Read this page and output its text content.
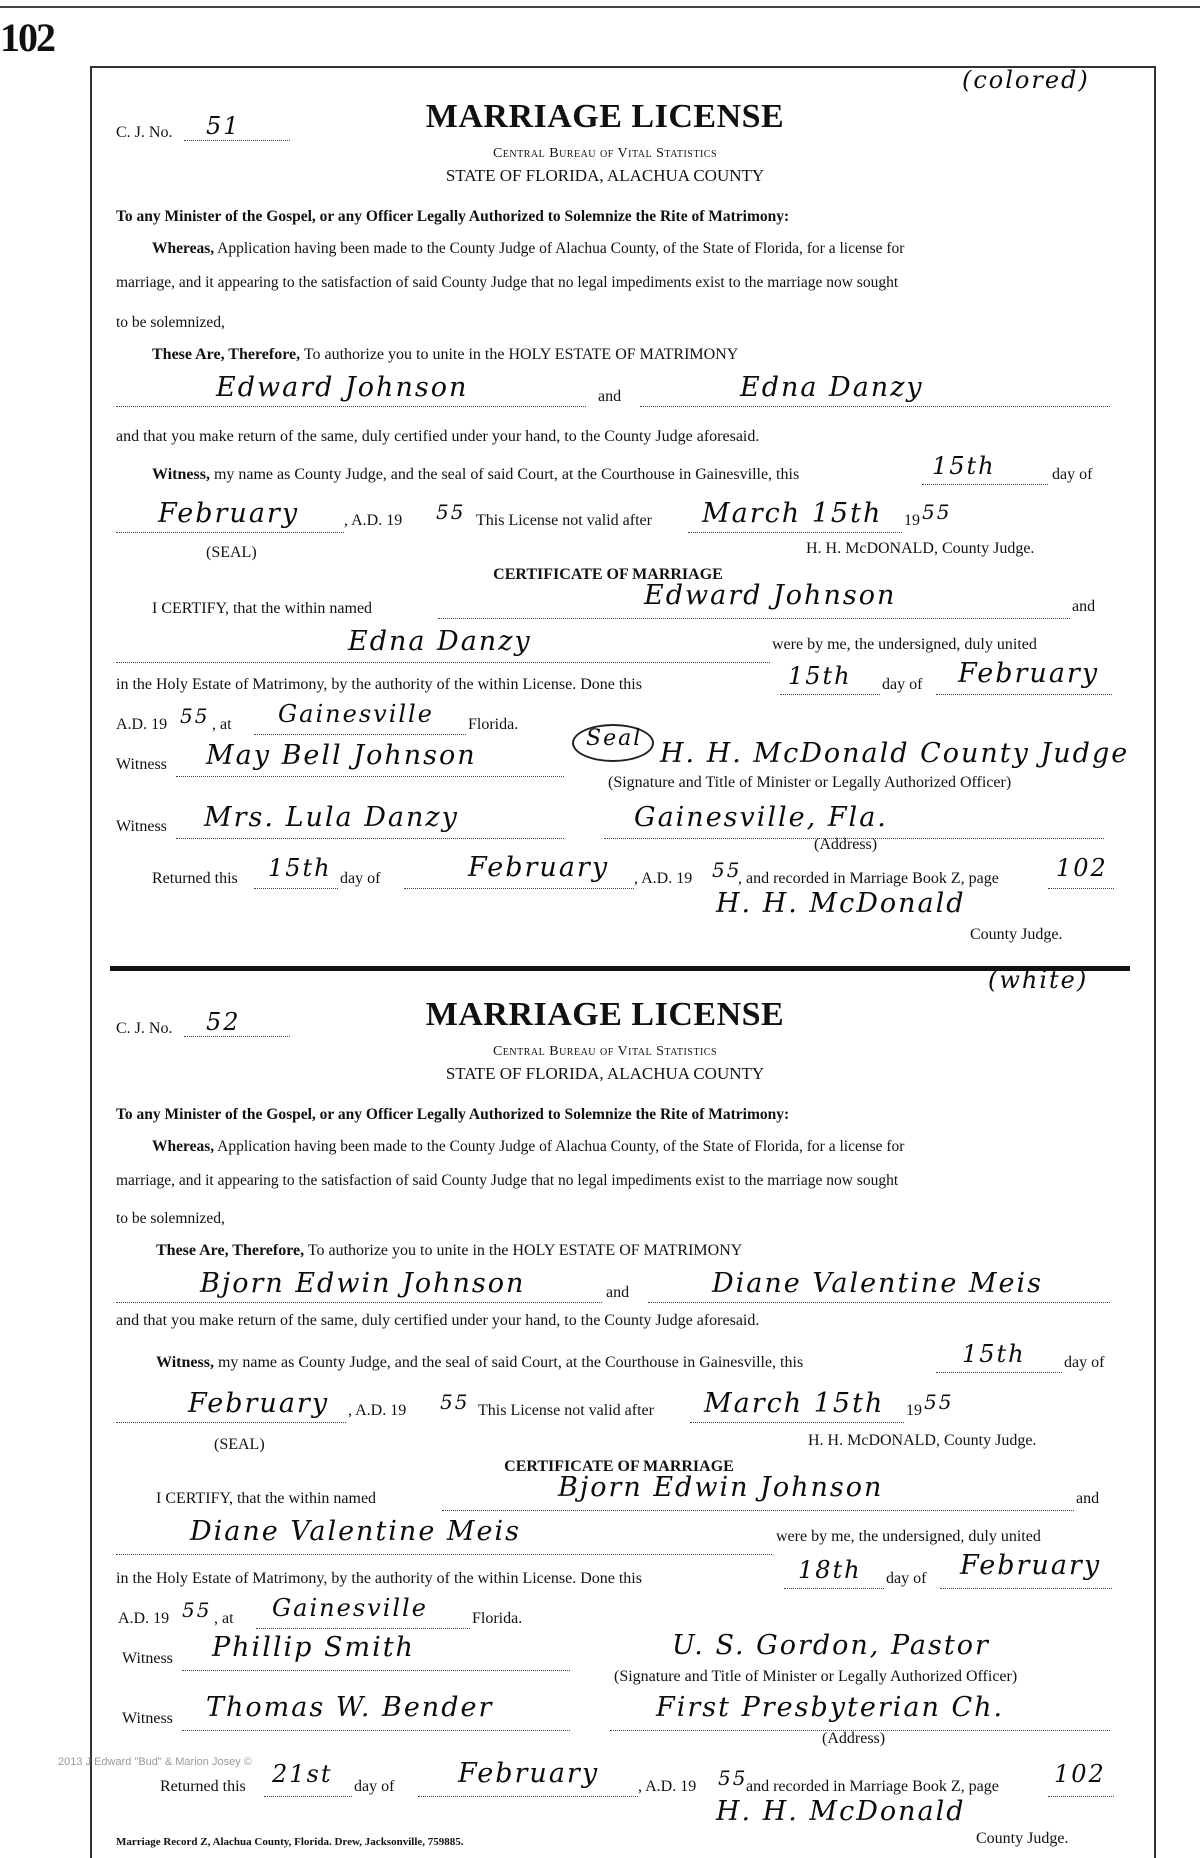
102
(colored)
C. J. No. 51	MARRIAGE LICENSE
Central Bureau of Vital Statistics
STATE OF FLORIDA, ALACHUA COUNTY
To any Minister of the Gospel, or any Officer Legally Authorized to Solemnize the Rite of Matrimony:
Whereas, Application having been made to the County Judge of Alachua County, of the State of Florida, for a license for
marriage, and it appearing to the satisfaction of said County Judge that no legal impediments exist to the marriage now sought
to be solemnized,
These Are, Therefore, To authorize you to unite in the HOLY ESTATE OF MATRIMONY
Edward Johnson	and	Edna Danzy
and that you make return of the same, duly certified under your hand, to the County Judge aforesaid.
Witness, my name as County Judge, and the seal of said Court, at the Courthouse in Gainesville, this	15th	day of
February	, A.D. 19 55 This License not valid after March 15th 19 55
(SEAL)	H. H. McDONALD, County Judge.
CERTIFICATE OF MARRIAGE
I CERTIFY, that the within named	Edward Johnson	and
Edna Danzy	were by me, the undersigned, duly united
in the Holy Estate of Matrimony, by the authority of the within License. Done this	15th day of February
A.D. 19 55 , at Gainesville Florida.
Witness May Bell Johnson
Seal H. H. McDonald County Judge
(Signature and Title of Minister or Legally Authorized Officer)
Witness Mrs. Lula Danzy	Gainesville, Fla.
(Address)
Returned this 15th day of	February , A.D. 19 55
, and recorded in Marriage Book Z, page 102
H. H. McDonald
County Judge.
(white)
C. J. No. 52	MARRIAGE LICENSE
Central Bureau of Vital Statistics
STATE OF FLORIDA, ALACHUA COUNTY
To any Minister of the Gospel, or any Officer Legally Authorized to Solemnize the Rite of Matrimony:
Whereas, Application having been made to the County Judge of Alachua County, of the State of Florida, for a license for
marriage, and it appearing to the satisfaction of said County Judge that no legal impediments exist to the marriage now sought
to be solemnized,
These Are, Therefore, To authorize you to unite in the HOLY ESTATE OF MATRIMONY
Bjorn Edwin Johnson	and	Diane Valentine Meis
and that you make return of the same, duly certified under your hand, to the County Judge aforesaid.
Witness, my name as County Judge, and the seal of said Court, at the Courthouse in Gainesville, this	15th day of
February , A.D. 19 55 This License not valid after March 15th 19 55
(SEAL)	H. H. McDONALD, County Judge.
CERTIFICATE OF MARRIAGE
I CERTIFY, that the within named	Bjorn Edwin Johnson	and
Diane Valentine Meis	were by me, the undersigned, duly united
in the Holy Estate of Matrimony, by the authority of the within License. Done this	18th day of February
A.D. 19 55 , at Gainesville	Florida.
Witness Phillip Smith	U. S. Gordon, Pastor
(Signature and Title of Minister or Legally Authorized Officer)
Witness Thomas W. Bender	First Presbyterian Ch.
(Address)
2013 J Edward "Bud" & Marion Josey ©
Returned this 21st day of February , A.D. 19 55
and recorded in Marriage Book Z, page 102
H. H. McDonald
County Judge.
Marriage Record Z, Alachua County, Florida. Drew, Jacksonville, 759885.
